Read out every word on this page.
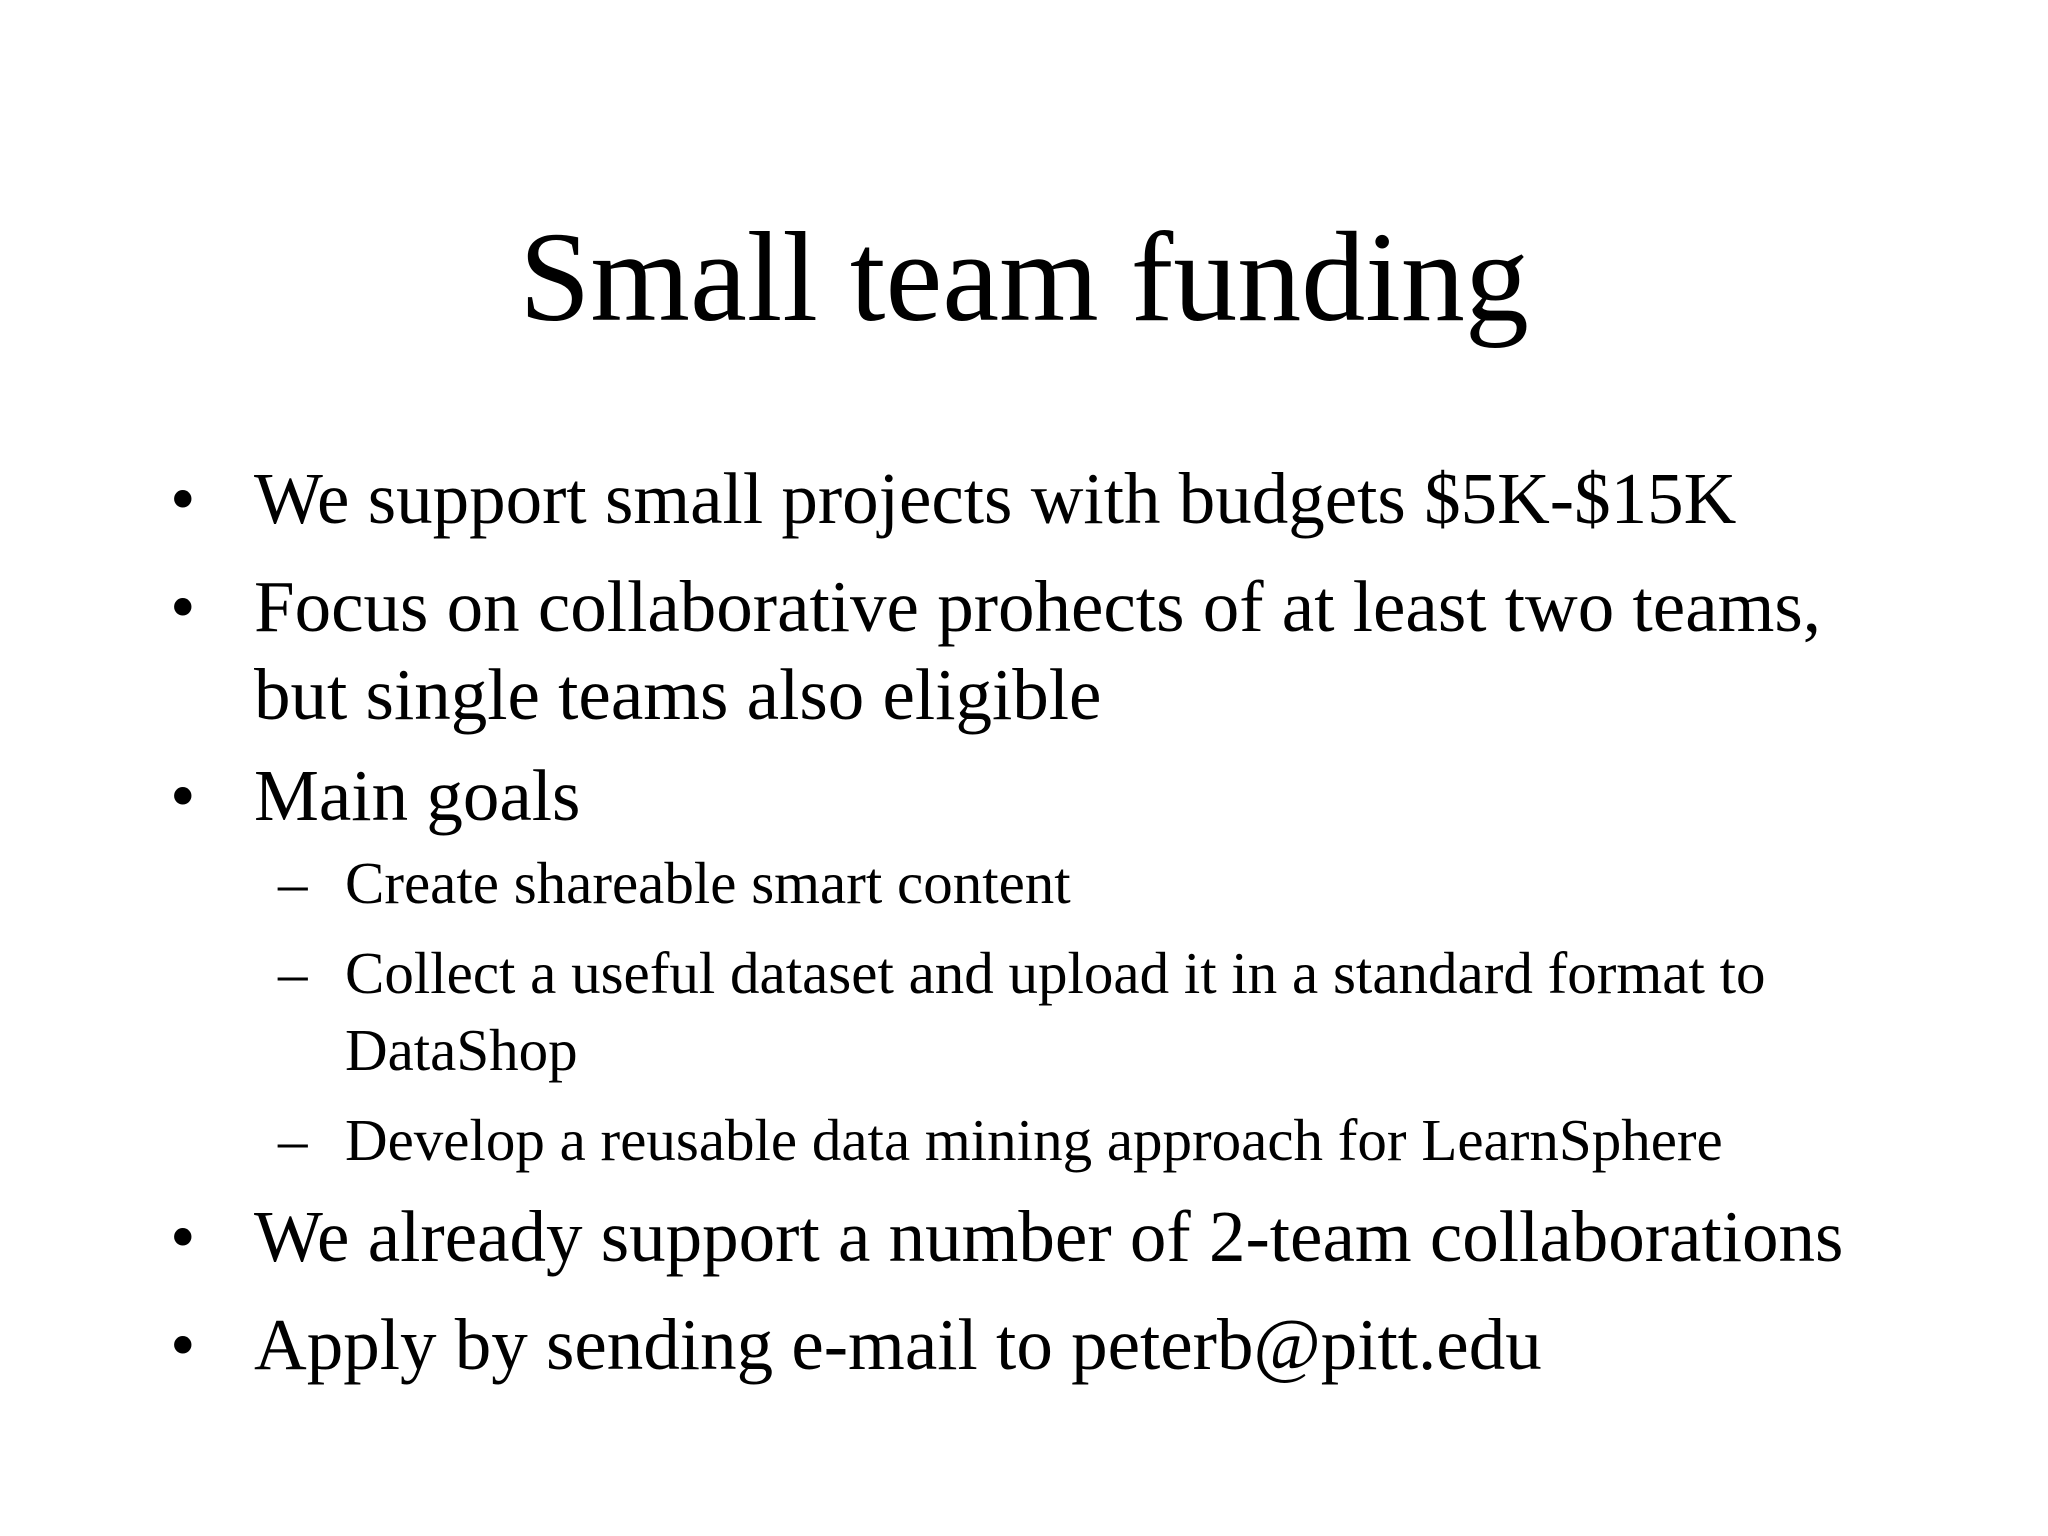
Small team funding
• We support small projects with budgets $5K-$15K
• Focus on collaborative prohects of at least two teams, but single teams also eligible
• Main goals
– Create shareable smart content
– Collect a useful dataset and upload it in a standard format to DataShop
– Develop a reusable data mining approach for LearnSphere
• We already support a number of 2-team collaborations
• Apply by sending e-mail to peterb@pitt.edu
